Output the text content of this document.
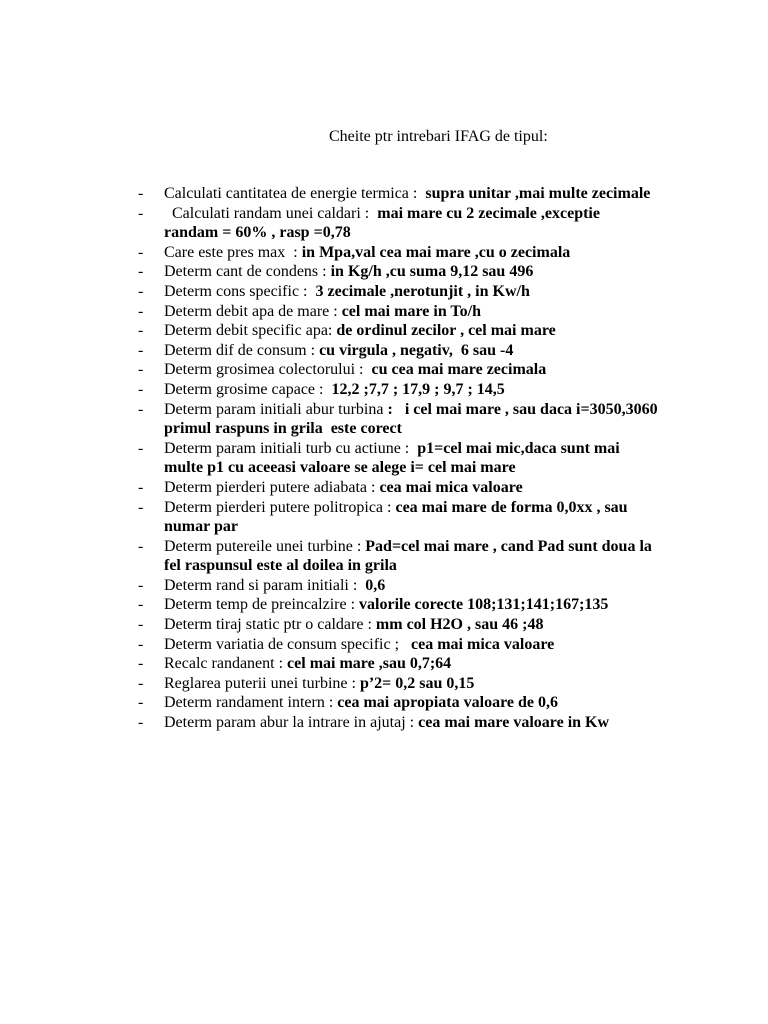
Cheite ptr intrebari IFAG de tipul:
- Calculati cantitatea de energie termica :  supra unitar ,mai multe zecimale
- Calculati randam unei caldari :  mai mare cu 2 zecimale ,exceptie randam = 60% , rasp =0,78
- Care este pres max  : in Mpa,val cea mai mare ,cu o zecimala
- Determ cant de condens : in Kg/h ,cu suma 9,12 sau 496
- Determ cons specific :  3 zecimale ,nerotunjit , in Kw/h
- Determ debit apa de mare : cel mai mare in To/h
- Determ debit specific apa: de ordinul zecilor , cel mai mare
- Determ dif de consum : cu virgula , negativ,  6 sau -4
- Determ grosimea colectorului :  cu cea mai mare zecimala
- Determ grosime capace :  12,2 ;7,7 ; 17,9 ; 9,7 ; 14,5
- Determ param initiali abur turbina :   i cel mai mare , sau daca i=3050,3060 primul raspuns in grila  este corect
- Determ param initiali turb cu actiune :  p1=cel mai mic,daca sunt mai multe p1 cu aceeasi valoare se alege i= cel mai mare
- Determ pierderi putere adiabata : cea mai mica valoare
- Determ pierderi putere politropica : cea mai mare de forma 0,0xx , sau numar par
- Determ putereile unei turbine : Pad=cel mai mare , cand Pad sunt doua la fel raspunsul este al doilea in grila
- Determ rand si param initiali :  0,6
- Determ temp de preincalzire : valorile corecte 108;131;141;167;135
- Determ tiraj static ptr o caldare : mm col H2O , sau 46 ;48
- Determ variatia de consum specific ;   cea mai mica valoare
- Recalc randanent : cel mai mare ,sau 0,7;64
- Reglarea puterii unei turbine : p’2= 0,2 sau 0,15
- Determ randament intern : cea mai apropiata valoare de 0,6
- Determ param abur la intrare in ajutaj : cea mai mare valoare in Kw
